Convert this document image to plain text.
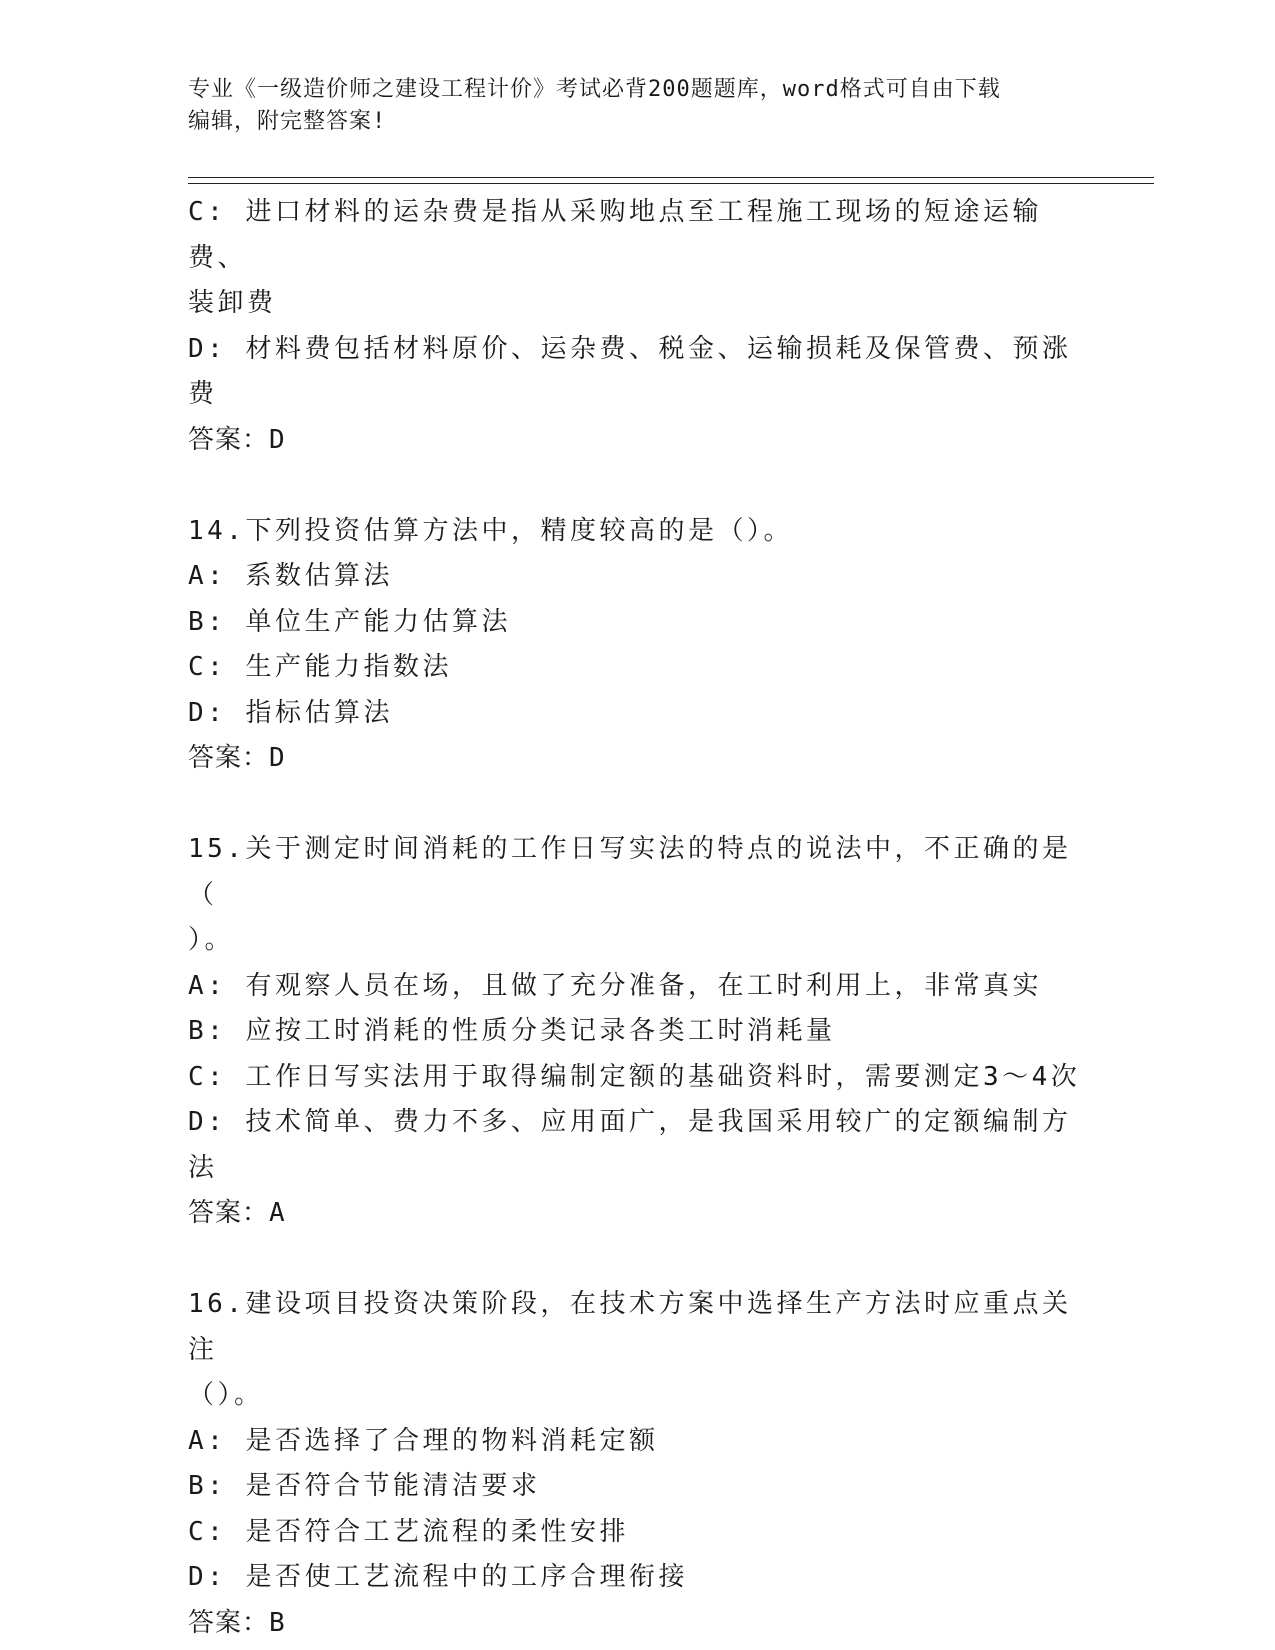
专业《一级造价师之建设工程计价》考试必背200题题库，word格式可自由下载
编辑，附完整答案!
C: 进口材料的运杂费是指从采购地点至工程施工现场的短途运输费、
装卸费
D: 材料费包括材料原价、运杂费、税金、运输损耗及保管费、预涨费
答案：D
14.下列投资估算方法中，精度较高的是（）。
A: 系数估算法
B: 单位生产能力估算法
C: 生产能力指数法
D: 指标估算法
答案：D
15.关于测定时间消耗的工作日写实法的特点的说法中，不正确的是（
）。
A: 有观察人员在场，且做了充分准备，在工时利用上，非常真实
B: 应按工时消耗的性质分类记录各类工时消耗量
C: 工作日写实法用于取得编制定额的基础资料时，需要测定3～4次
D: 技术简单、费力不多、应用面广，是我国采用较广的定额编制方法
答案：A
16.建设项目投资决策阶段，在技术方案中选择生产方法时应重点关注
（）。
A: 是否选择了合理的物料消耗定额
B: 是否符合节能清洁要求
C: 是否符合工艺流程的柔性安排
D: 是否使工艺流程中的工序合理衔接
答案：B
